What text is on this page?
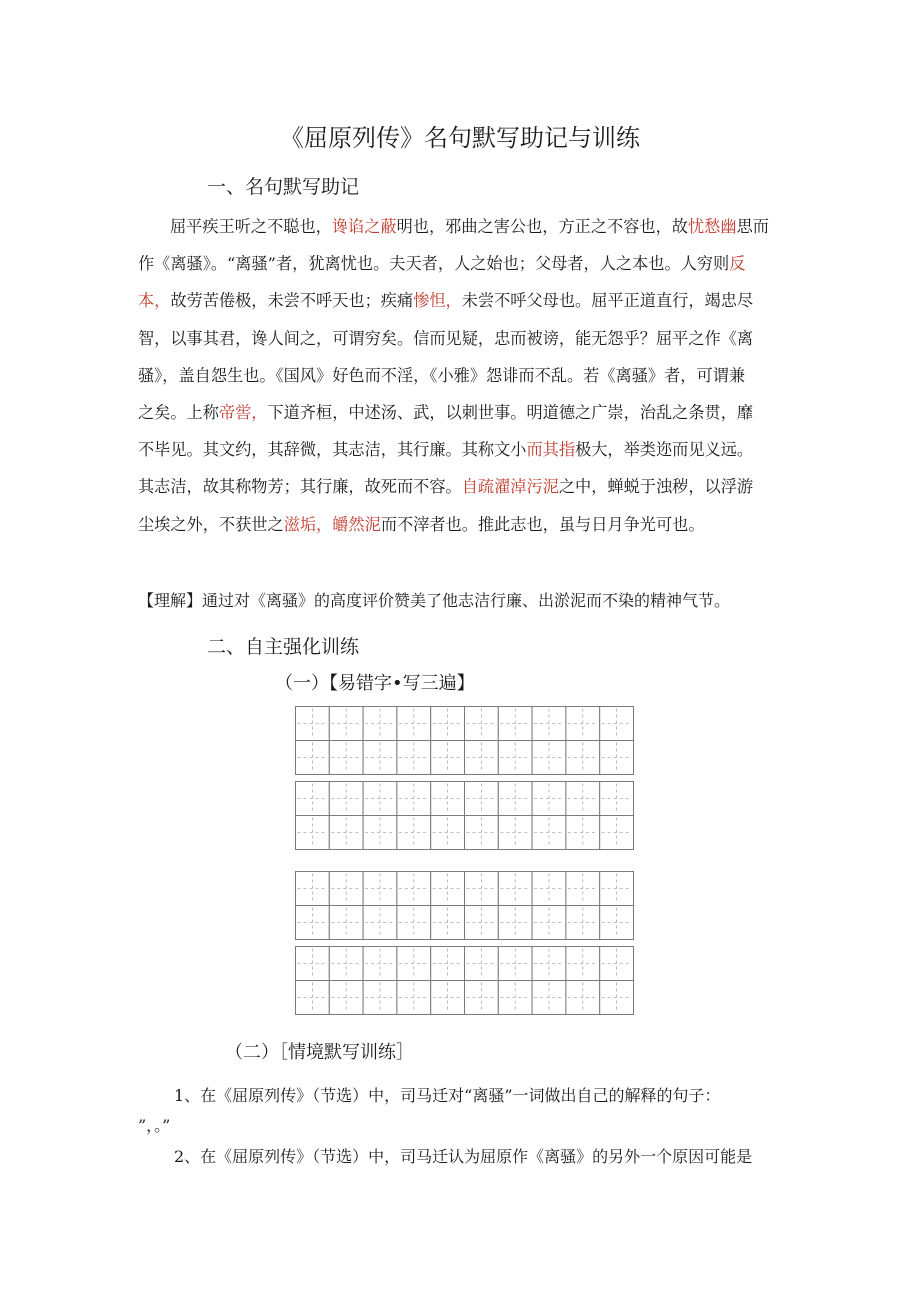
《屈原列传》名句默写助记与训练
一、名句默写助记
屈平疾王听之不聪也，谗谄之蔽明也，邪曲之害公也，方正之不容也，故忧愁幽思而
作《离骚》。“离骚”者，犹离忧也。夫天者，人之始也；父母者，人之本也。人穷则反
本，故劳苦倦极，未尝不呼天也；疾痛惨怛，未尝不呼父母也。屈平正道直行，竭忠尽
智，以事其君，谗人间之，可谓穷矣。信而见疑，忠而被谤，能无怨乎？屈平之作《离
骚》，盖自怨生也。《国风》好色而不淫，《小雅》怨诽而不乱。若《离骚》者，可谓兼
之矣。上称帝喾，下道齐桓，中述汤、武，以刺世事。明道德之广崇，治乱之条贯，靡
不毕见。其文约，其辞微，其志洁，其行廉。其称文小而其指极大，举类迩而见义远。
其志洁，故其称物芳；其行廉，故死而不容。自疏濯淖污泥之中，蝉蜕于浊秽，以浮游
尘埃之外，不获世之滋垢，皭然泥而不滓者也。推此志也，虽与日月争光可也。
【理解】通过对《离骚》的高度评价赞美了他志洁行廉、出淤泥而不染的精神气节。
二、自主强化训练
（一）【易错字•写三遍】
（二）［情境默写训练］
1、在《屈原列传》（节选）中，司马迁对“离骚”一词做出自己的解释的句子：
”，。”
2、在《屈原列传》（节选）中，司马迁认为屈原作《离骚》的另外一个原因可能是
